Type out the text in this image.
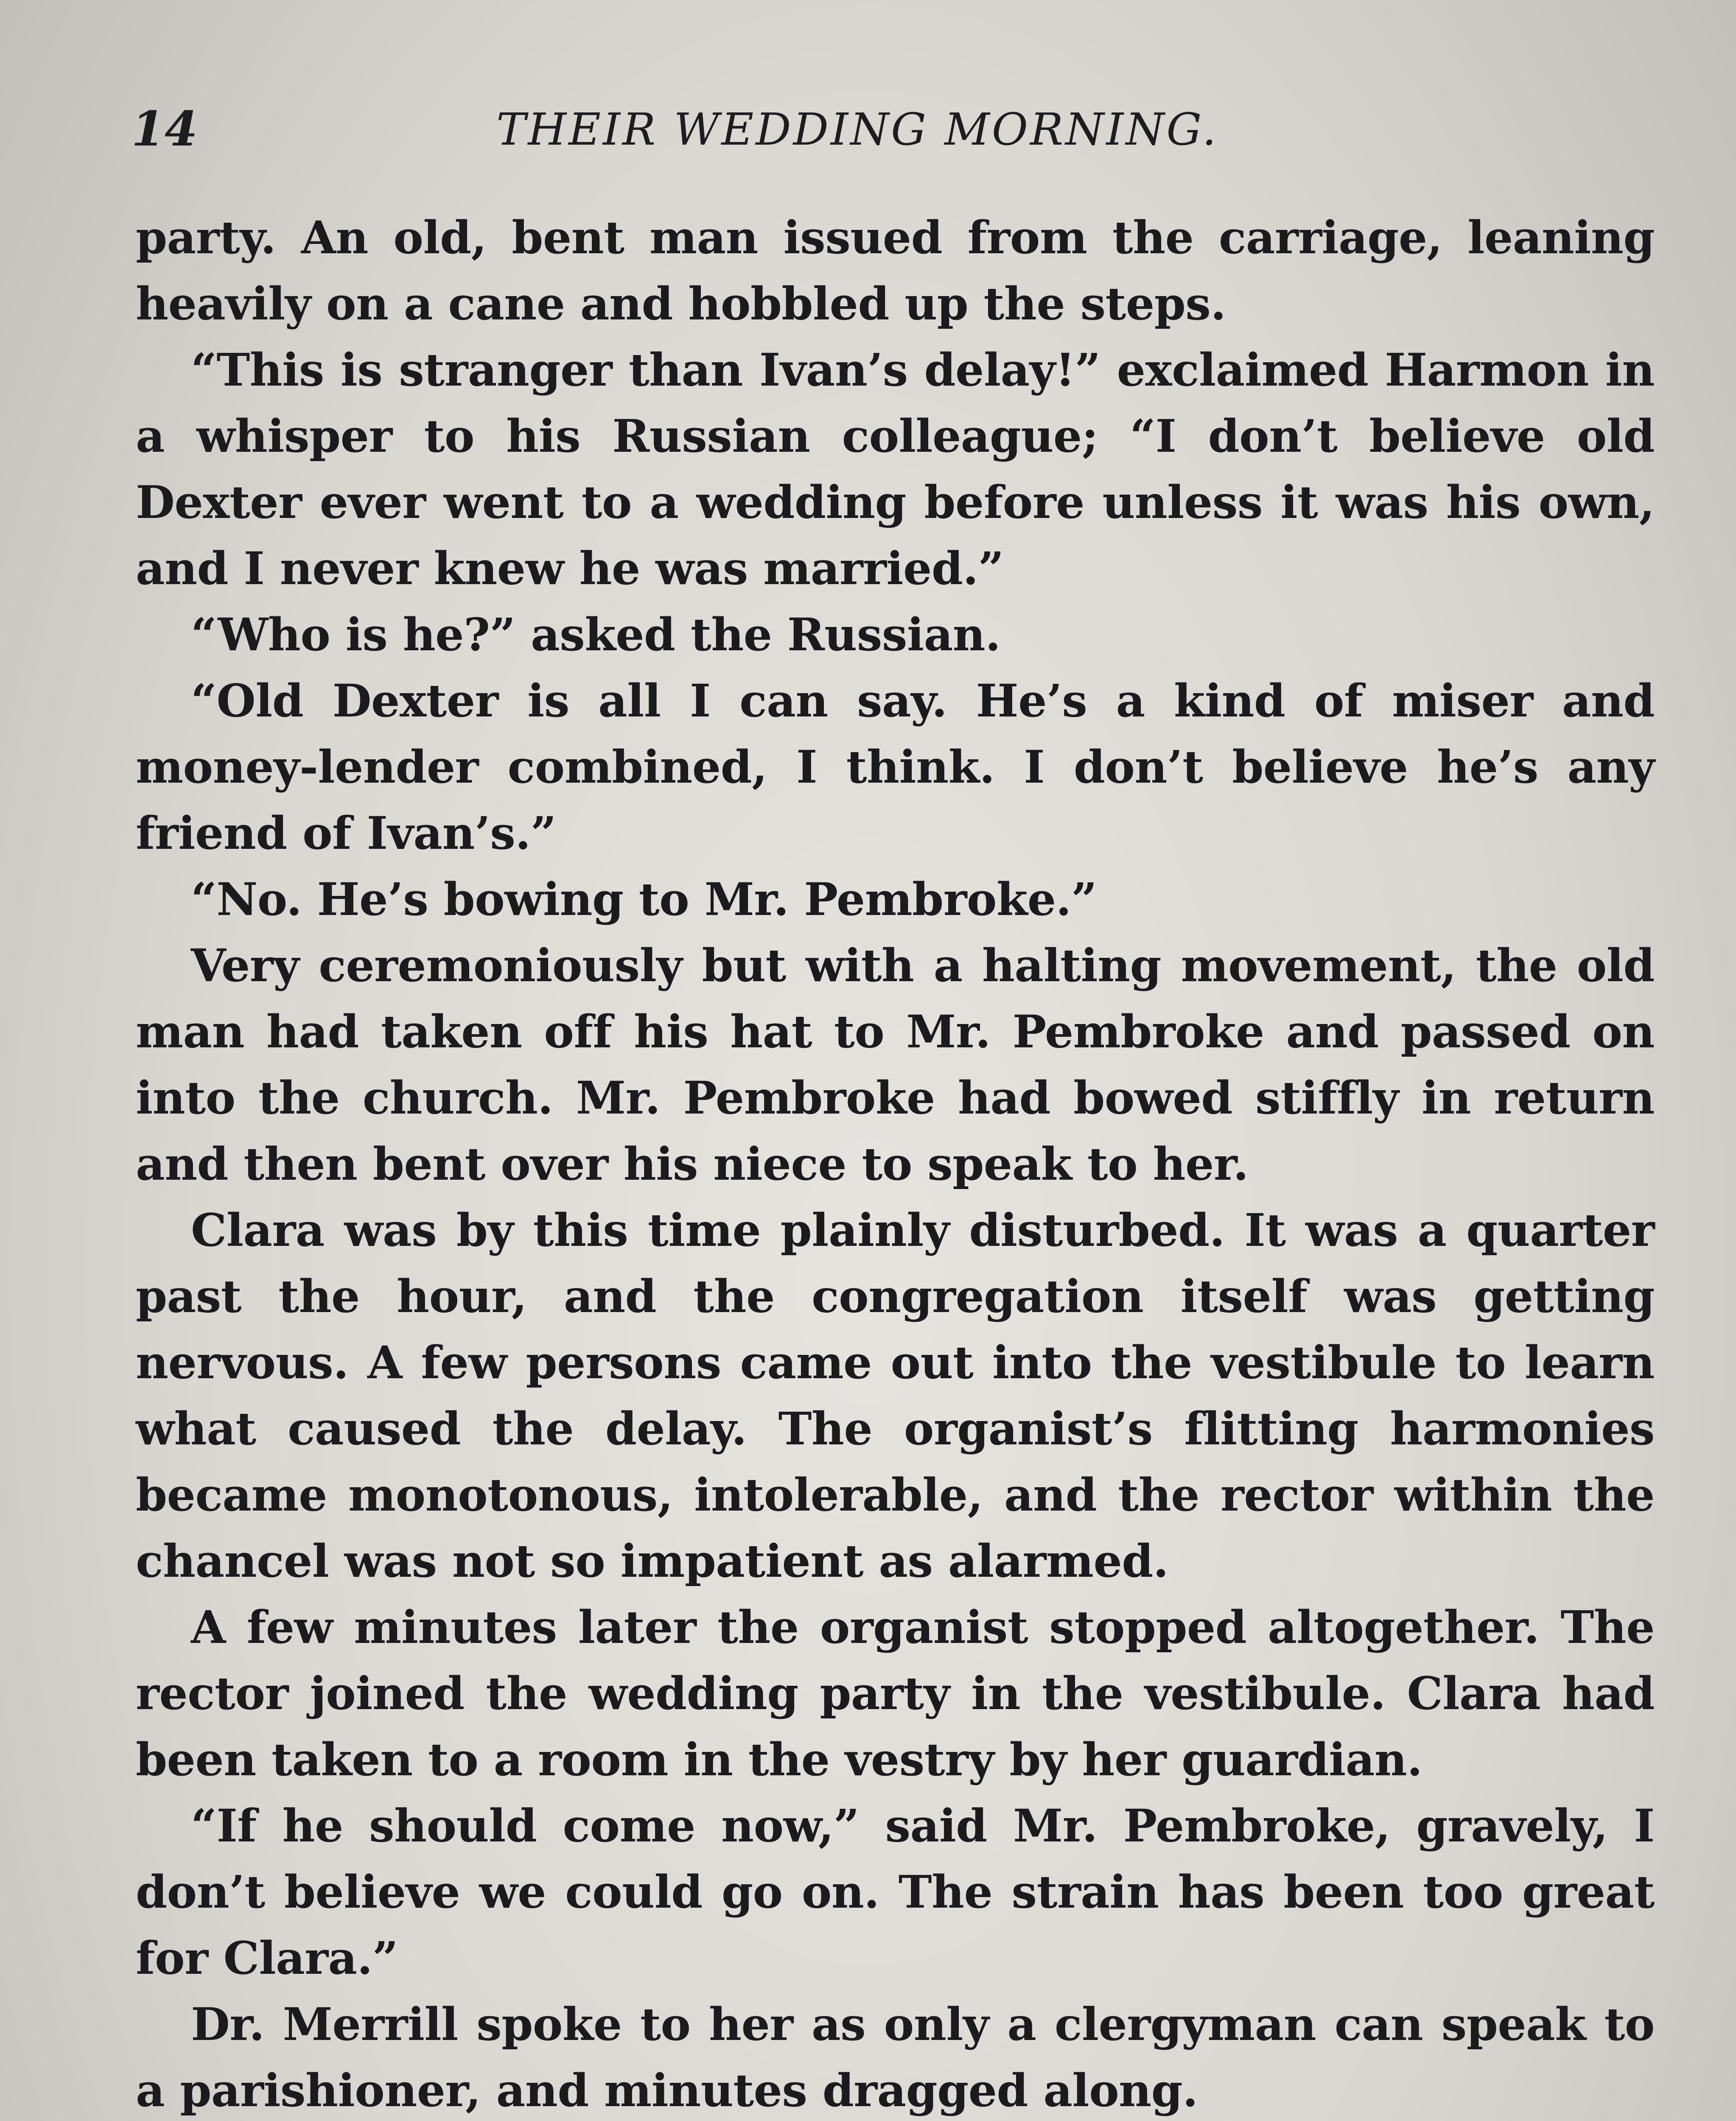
14	THEIR WEDDING MORNING.

party. An old, bent man issued from the carriage, leaning heavily on a cane and hobbled up the steps.

“This is stranger than Ivan’s delay!” exclaimed Harmon in a whisper to his Russian colleague; “I don’t believe old Dexter ever went to a wedding before unless it was his own, and I never knew he was married.”

“Who is he?” asked the Russian.

“Old Dexter is all I can say. He’s a kind of miser and money-lender combined, I think. I don’t believe he’s any friend of Ivan’s.”

“No. He’s bowing to Mr. Pembroke.”

Very ceremoniously but with a halting movement, the old man had taken off his hat to Mr. Pembroke and passed on into the church. Mr. Pembroke had bowed stiffly in return and then bent over his niece to speak to her.

Clara was by this time plainly disturbed. It was a quarter past the hour, and the congregation itself was getting nervous. A few persons came out into the vestibule to learn what caused the delay. The organist’s flitting harmonies became monotonous, intolerable, and the rector within the chancel was not so impatient as alarmed.

A few minutes later the organist stopped altogether. The rector joined the wedding party in the vestibule. Clara had been taken to a room in the vestry by her guardian.

“If he should come now,” said Mr. Pembroke, gravely, I don’t believe we could go on. The strain has been too great for Clara.”

Dr. Merrill spoke to her as only a clergyman can speak to a parishioner, and minutes dragged along.
